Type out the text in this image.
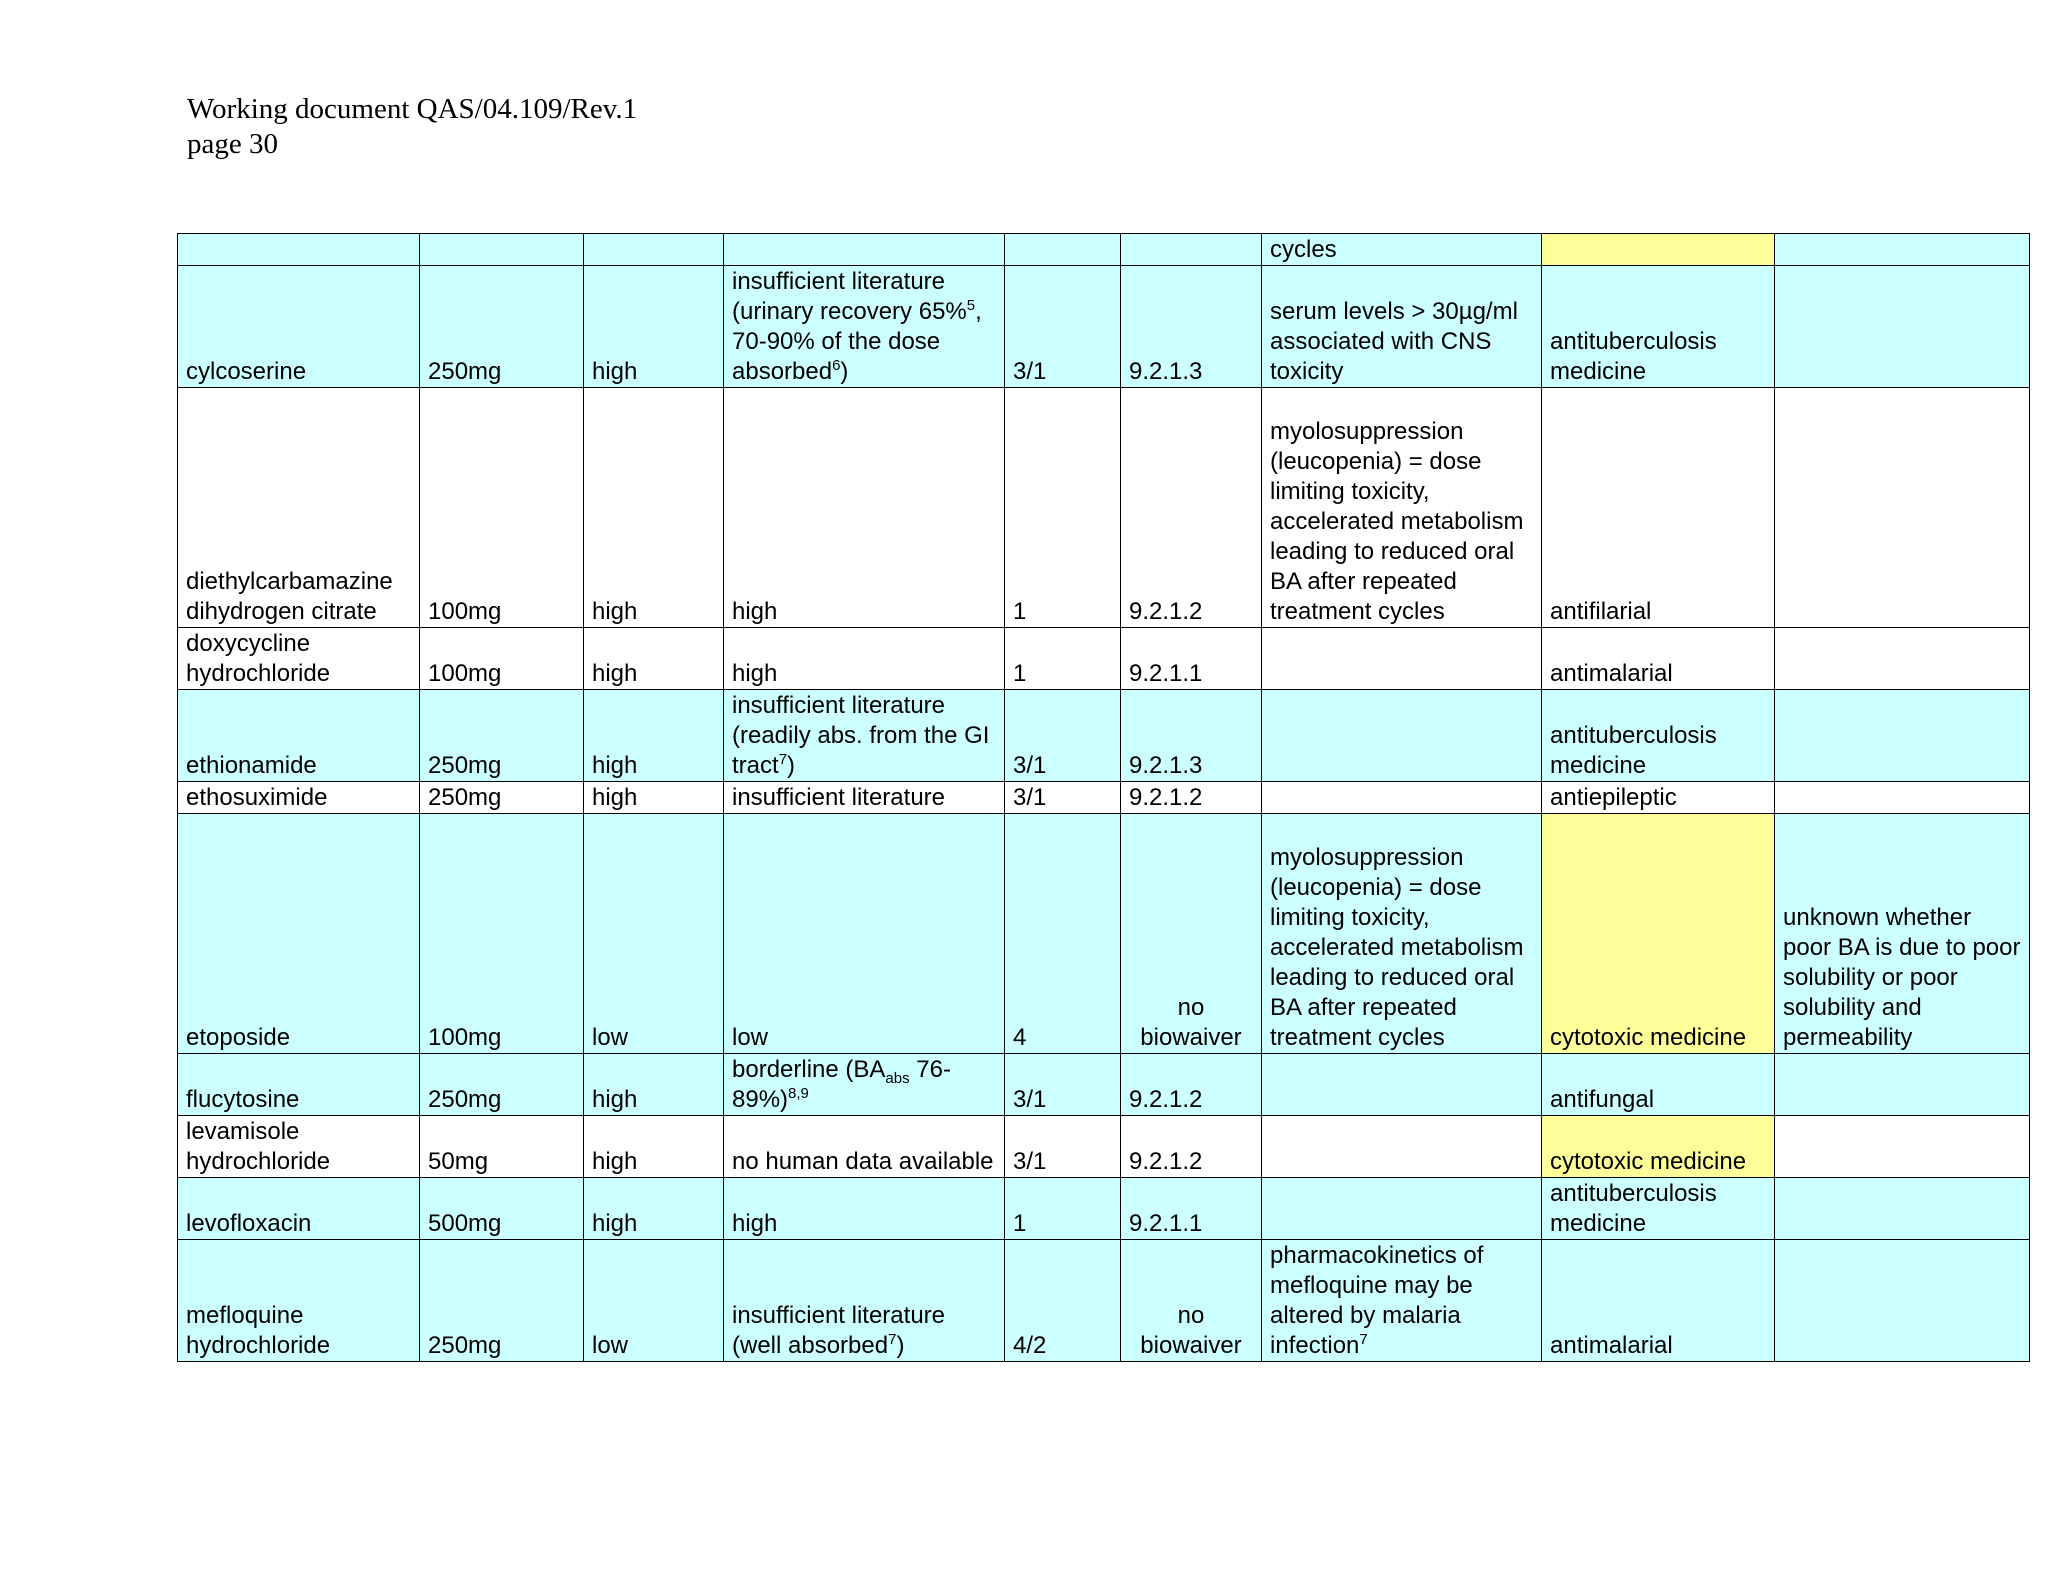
Working document QAS/04.109/Rev.1
page 30
						cycles		
cylcoserine	250mg	high	insufficient literature (urinary recovery 65%$^5$, 70-90% of the dose absorbed$^6$)	3/1	9.2.1.3	serum levels > 30µg/ml associated with CNS toxicity	antituberculosis medicine	
diethylcarbamazine dihydrogen citrate	100mg	high	high	1	9.2.1.2	myolosuppression (leucopenia) = dose limiting toxicity, accelerated metabolism leading to reduced oral BA after repeated treatment cycles	antifilarial	
doxycycline hydrochloride	100mg	high	high	1	9.2.1.1		antimalarial	
ethionamide	250mg	high	insufficient literature (readily abs. from the GI tract$^7$)	3/1	9.2.1.3		antituberculosis medicine	
ethosuximide	250mg	high	insufficient literature	3/1	9.2.1.2		antiepileptic	
etoposide	100mg	low	low	4	no biowaiver	myolosuppression (leucopenia) = dose limiting toxicity, accelerated metabolism leading to reduced oral BA after repeated treatment cycles	cytotoxic medicine	unknown whether poor BA is due to poor solubility or poor solubility and permeability
flucytosine	250mg	high	borderline ($BA_{abs}$ 76-89%)$^{8,9}$	3/1	9.2.1.2		antifungal	
levamisole hydrochloride	50mg	high	no human data available	3/1	9.2.1.2		cytotoxic medicine	
levofloxacin	500mg	high	high	1	9.2.1.1		antituberculosis medicine	
mefloquine hydrochloride	250mg	low	insufficient literature (well absorbed$^7$)	4/2	no biowaiver	pharmacokinetics of mefloquine may be altered by malaria infection$^7$	antimalarial	
